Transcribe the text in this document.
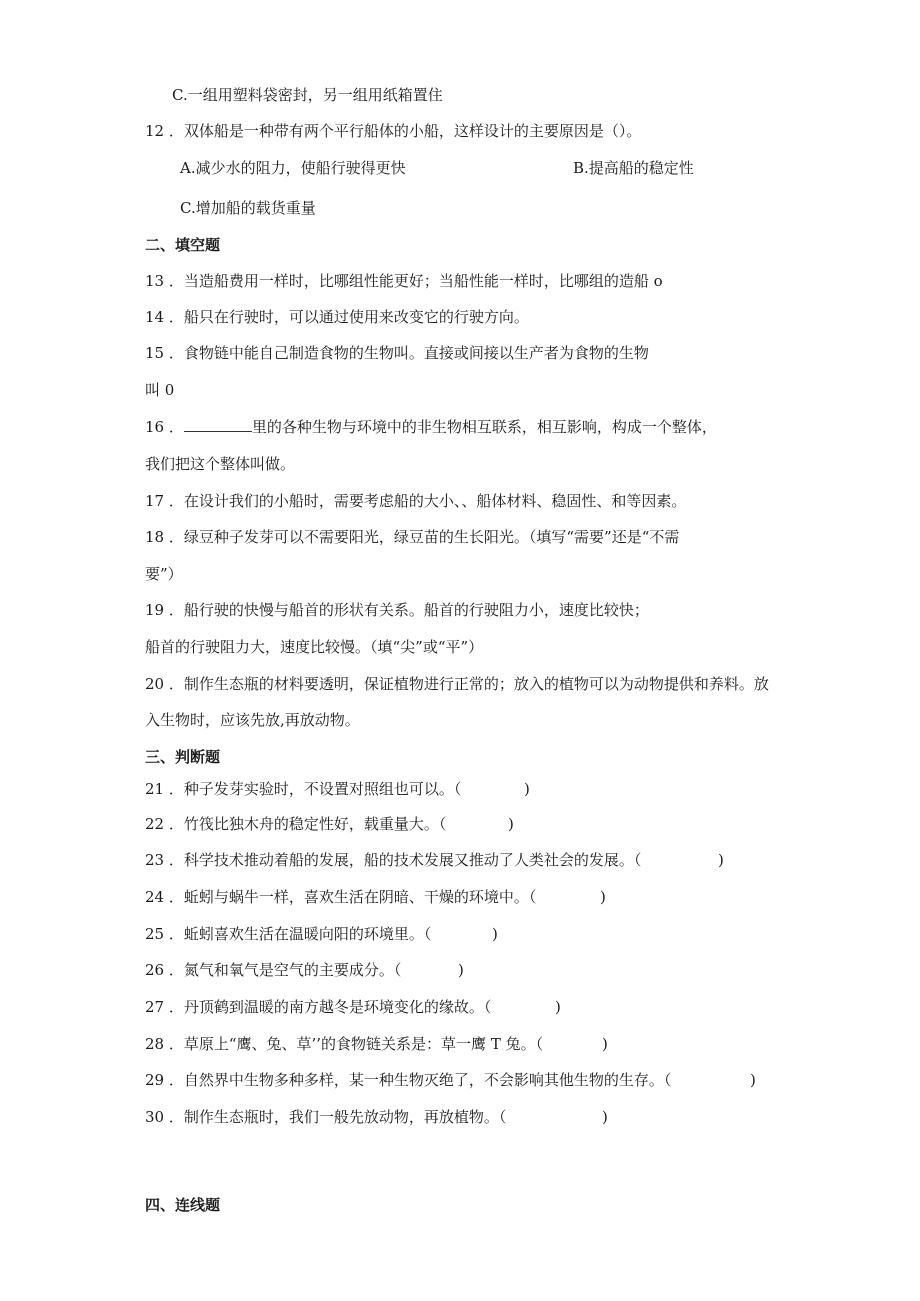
C.一组用塑料袋密封，另一组用纸箱置住
12 ．双体船是一种带有两个平行船体的小船，这样设计的主要原因是（）。
A.减少水的阻力，使船行驶得更快	B.提高船的稳定性
C.增加船的载货重量
二、填空题
13 ．当造船费用一样时，比哪组性能更好；当船性能一样时，比哪组的造船 o
14 ．船只在行驶时，可以通过使用来改变它的行驶方向。
15 ．食物链中能自己制造食物的生物叫。直接或间接以生产者为食物的生物
叫 0
16 ．	里的各种生物与环境中的非生物相互联系，相互影响，构成一个整体，
我们把这个整体叫做。
17 ．在设计我们的小船时，需要考虑船的大小、、船体材料、稳固性、和等因素。
18 ．绿豆种子发芽可以不需要阳光，绿豆苗的生长阳光。（填写“需要”还是“不需
要”）
19 ．船行驶的快慢与船首的形状有关系。船首的行驶阻力小，速度比较快；
船首的行驶阻力大，速度比较慢。（填“尖”或“平”）
20 ．制作生态瓶的材料要透明，保证植物进行正常的；放入的植物可以为动物提供和养料。放
入生物时，应该先放,再放动物。
三、判断题
21 ．种子发芽实验时，不设置对照组也可以。（	)
22 ．竹筏比独木舟的稳定性好，载重量大。（	)
23 ．科学技术推动着船的发展，船的技术发展又推动了人类社会的发展。（	)
24 ．蚯蚓与蜗牛一样，喜欢生活在阴暗、干燥的环境中。（	)
25 ．蚯蚓喜欢生活在温暖向阳的环境里。（	)
26 ．氮气和氧气是空气的主要成分。（	)
27 ．丹顶鹤到温暖的南方越冬是环境变化的缘故。（	)
28 ．草原上“鹰、兔、草’’的食物链关系是：草一鹰 T 兔。（	)
29 ．自然界中生物多种多样，某一种生物灭绝了，不会影响其他生物的生存。（	)
30 ．制作生态瓶时，我们一般先放动物，再放植物。（	)
四、连线题
